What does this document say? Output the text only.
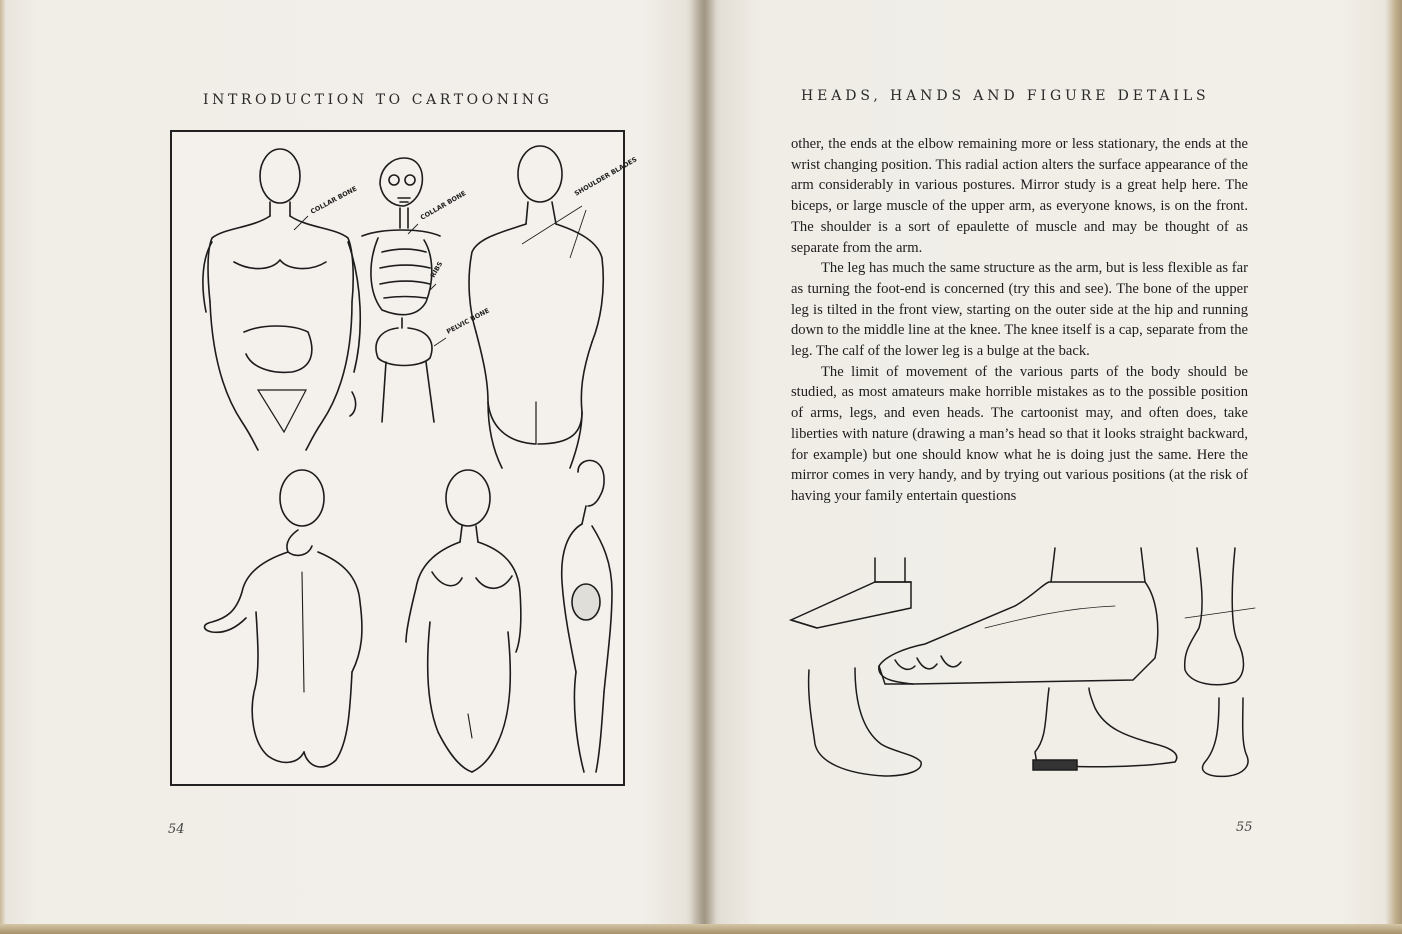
INTRODUCTION TO CARTOONING
COLLAR BONE	COLLAR BONE
SHOULDER BLADES
RIBS
PELVIC BONE
54
HEADS, HANDS AND FIGURE DETAILS

other, the ends at the elbow remaining more or less stationary, the ends at the wrist changing position. This radial action alters the surface appearance of the arm considerably in various postures. Mirror study is a great help here. The biceps, or large muscle of the upper arm, as everyone knows, is on the front. The shoulder is a sort of epaulette of muscle and may be thought of as separate from the arm.

The leg has much the same structure as the arm, but is less flexible as far as turning the foot-end is concerned (try this and see). The bone of the upper leg is tilted in the front view, starting on the outer side at the hip and running down to the middle line at the knee. The knee itself is a cap, separate from the leg. The calf of the lower leg is a bulge at the back.

The limit of movement of the various parts of the body should be studied, as most amateurs make horrible mistakes as to the possible position of arms, legs, and even heads. The cartoonist may, and often does, take liberties with nature (drawing a man’s head so that it looks straight backward, for example) but one should know what he is doing just the same. Here the mirror comes in very handy, and by trying out various positions (at the risk of having your family entertain questions

55
